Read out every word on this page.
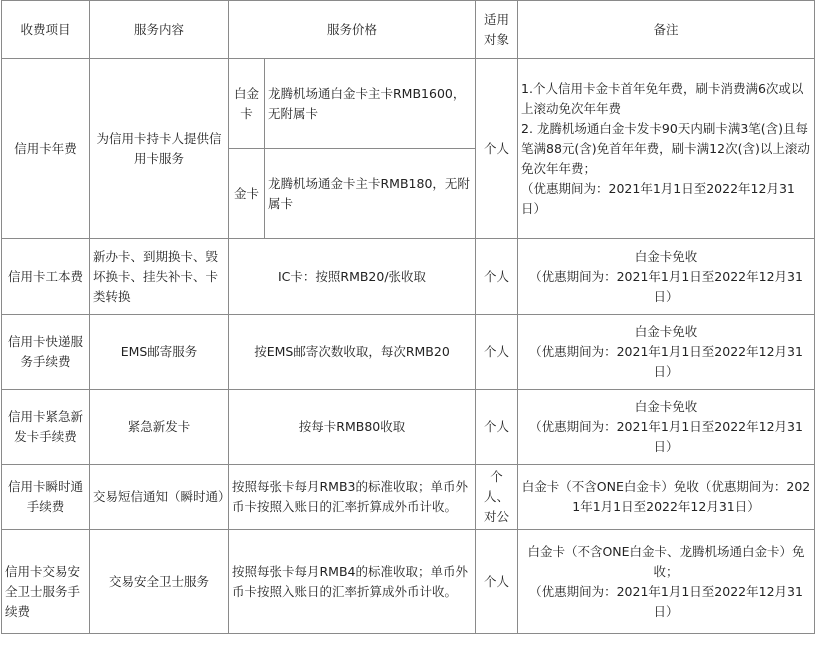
收费项目	服务内容	服务价格		适用对象	备注
信用卡年费	为信用卡持卡人提供信用卡服务	白金卡	龙腾机场通白金卡主卡RMB1600，无附属卡	个人	1.个人信用卡金卡首年免年费，刷卡消费满6次或以上滚动免次年年费
2. 龙腾机场通白金卡发卡90天内刷卡满3笔(含)且每笔满88元(含)免首年年费，刷卡满12次(含)以上滚动免次年年费；
（优惠期间为：2021年1月1日至2022年12月31日）

		金卡	龙腾机场通金卡主卡RMB180，无附属卡		
信用卡工本费	新办卡、到期换卡、毁坏换卡、挂失补卡、卡类转换	IC卡：按照RMB20/张收取		个人	白金卡免收
（优惠期间为：2021年1月1日至2022年12月31日）

信用卡快递服务手续费	EMS邮寄服务	按EMS邮寄次数收取，每次RMB20		个人	白金卡免收
（优惠期间为：2021年1月1日至2022年12月31日）

信用卡紧急新发卡手续费	紧急新发卡	按每卡RMB80收取		个人	白金卡免收
（优惠期间为：2021年1月1日至2022年12月31日）

信用卡瞬时通手续费	交易短信通知（瞬时通）	按照每张卡每月RMB3的标准收取；单币外币卡按照入账日的汇率折算成外币计收。		个人、对公	白金卡（不含ONE白金卡）免收（优惠期间为：2021年1月1日至2022年12月31日）

信用卡交易安全卫士服务手续费	交易安全卫士服务	按照每张卡每月RMB4的标准收取；单币外币卡按照入账日的汇率折算成外币计收。		个人	白金卡（不含ONE白金卡、龙腾机场通白金卡）免收；
（优惠期间为：2021年1月1日至2022年12月31日）
